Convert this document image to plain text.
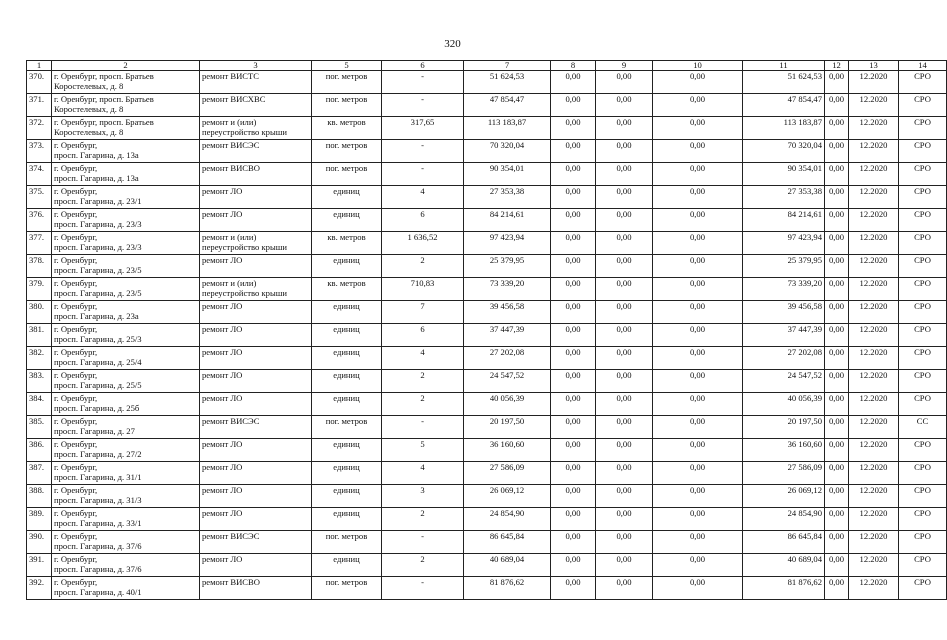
320
1	2	3	5	6	7	8	9	10	11	12	13	14
370.	г. Оренбург, просп. Братьев
Коростелевых, д. 8	ремонт ВИСТС	пог. метров	-	51 624,53	0,00	0,00	0,00	51 624,53	0,00	12.2020	СРО
371.	г. Оренбург, просп. Братьев
Коростелевых, д. 8	ремонт ВИСХВС	пог. метров	-	47 854,47	0,00	0,00	0,00	47 854,47	0,00	12.2020	СРО
372.	г. Оренбург, просп. Братьев
Коростелевых, д. 8	ремонт и (или)
переустройство крыши	кв. метров	317,65	113 183,87	0,00	0,00	0,00	113 183,87	0,00	12.2020	СРО
373.	г. Оренбург,
просп. Гагарина, д. 13а	ремонт ВИСЭС	пог. метров	-	70 320,04	0,00	0,00	0,00	70 320,04	0,00	12.2020	СРО
374.	г. Оренбург,
просп. Гагарина, д. 13а	ремонт ВИСВО	пог. метров	-	90 354,01	0,00	0,00	0,00	90 354,01	0,00	12.2020	СРО
375.	г. Оренбург,
просп. Гагарина, д. 23/1	ремонт ЛО	единиц	4	27 353,38	0,00	0,00	0,00	27 353,38	0,00	12.2020	СРО
376.	г. Оренбург,
просп. Гагарина, д. 23/3	ремонт ЛО	единиц	6	84 214,61	0,00	0,00	0,00	84 214,61	0,00	12.2020	СРО
377.	г. Оренбург,
просп. Гагарина, д. 23/3	ремонт и (или)
переустройство крыши	кв. метров	1 636,52	97 423,94	0,00	0,00	0,00	97 423,94	0,00	12.2020	СРО
378.	г. Оренбург,
просп. Гагарина, д. 23/5	ремонт ЛО	единиц	2	25 379,95	0,00	0,00	0,00	25 379,95	0,00	12.2020	СРО
379.	г. Оренбург,
просп. Гагарина, д. 23/5	ремонт и (или)
переустройство крыши	кв. метров	710,83	73 339,20	0,00	0,00	0,00	73 339,20	0,00	12.2020	СРО
380.	г. Оренбург,
просп. Гагарина, д. 23а	ремонт ЛО	единиц	7	39 456,58	0,00	0,00	0,00	39 456,58	0,00	12.2020	СРО
381.	г. Оренбург,
просп. Гагарина, д. 25/3	ремонт ЛО	единиц	6	37 447,39	0,00	0,00	0,00	37 447,39	0,00	12.2020	СРО
382.	г. Оренбург,
просп. Гагарина, д. 25/4	ремонт ЛО	единиц	4	27 202,08	0,00	0,00	0,00	27 202,08	0,00	12.2020	СРО
383.	г. Оренбург,
просп. Гагарина, д. 25/5	ремонт ЛО	единиц	2	24 547,52	0,00	0,00	0,00	24 547,52	0,00	12.2020	СРО
384.	г. Оренбург,
просп. Гагарина, д. 25б	ремонт ЛО	единиц	2	40 056,39	0,00	0,00	0,00	40 056,39	0,00	12.2020	СРО
385.	г. Оренбург,
просп. Гагарина, д. 27	ремонт ВИСЭС	пог. метров	-	20 197,50	0,00	0,00	0,00	20 197,50	0,00	12.2020	СС
386.	г. Оренбург,
просп. Гагарина, д. 27/2	ремонт ЛО	единиц	5	36 160,60	0,00	0,00	0,00	36 160,60	0,00	12.2020	СРО
387.	г. Оренбург,
просп. Гагарина, д. 31/1	ремонт ЛО	единиц	4	27 586,09	0,00	0,00	0,00	27 586,09	0,00	12.2020	СРО
388.	г. Оренбург,
просп. Гагарина, д. 31/3	ремонт ЛО	единиц	3	26 069,12	0,00	0,00	0,00	26 069,12	0,00	12.2020	СРО
389.	г. Оренбург,
просп. Гагарина, д. 33/1	ремонт ЛО	единиц	2	24 854,90	0,00	0,00	0,00	24 854,90	0,00	12.2020	СРО
390.	г. Оренбург,
просп. Гагарина, д. 37/6	ремонт ВИСЭС	пог. метров	-	86 645,84	0,00	0,00	0,00	86 645,84	0,00	12.2020	СРО
391.	г. Оренбург,
просп. Гагарина, д. 37/6	ремонт ЛО	единиц	2	40 689,04	0,00	0,00	0,00	40 689,04	0,00	12.2020	СРО
392.	г. Оренбург,
просп. Гагарина, д. 40/1	ремонт ВИСВО	пог. метров	-	81 876,62	0,00	0,00	0,00	81 876,62	0,00	12.2020	СРО
